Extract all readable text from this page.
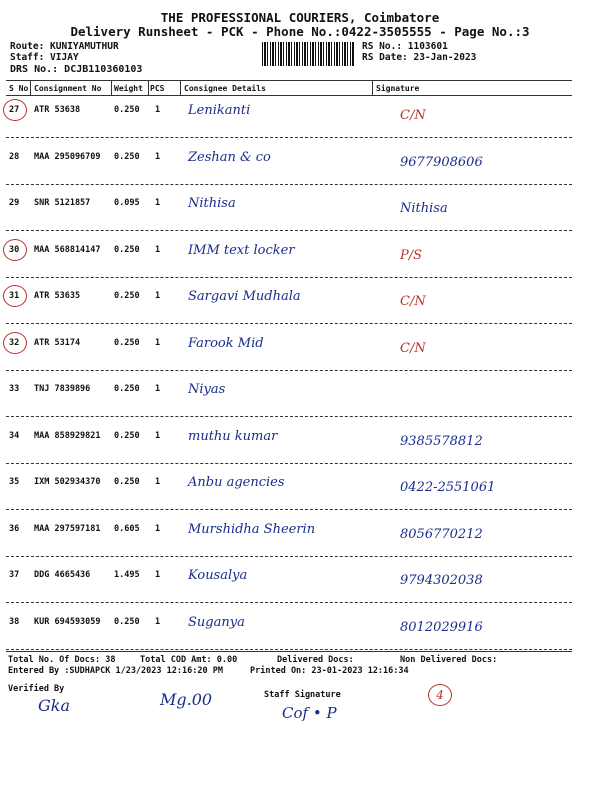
THE PROFESSIONAL COURIERS, Coimbatore
Delivery Runsheet - PCK - Phone No.:0422-3505555 - Page No.:3
Route: KUNIYAMUTHUR
Staff: VIJAY
DRS No.: DCJB110360103
RS No.: 1103601
RS Date: 23-Jan-2023
S No Consignment No Weight PCS Consignee Details	Signature
27 ATR 53638	0.250 1 Lenikanti	C/N
28 MAA 295096709 0.250 1 Zeshan & co	9677908606
29 SNR 5121857	0.095 1 Nithisa	Nithisa
30 MAA 568814147 0.250 1 IMM text locker	P/S
31 ATR 53635	0.250 1 Sargavi Mudhala	C/N
32 ATR 53174	0.250 1 Farook Mid	C/N
33 TNJ 7839896	0.250 1 Niyas
34 MAA 858929821 0.250 1 muthu kumar	9385578812
35 IXM 502934370 0.250 1 Anbu agencies	0422-2551061
36 MAA 297597181 0.605 1 Murshidha Sheerin	8056770212
37 DDG 4665436	1.495 1 Kousalya	9794302038
38 KUR 694593059 0.250 1 Suganya	8012029916
Total No. Of Docs: 38	Total COD Amt: 0.00	Delivered Docs:	Non Delivered Docs:
Entered By :SUDHAPCK 1/23/2023 12:16:20 PM	Printed On: 23-01-2023 12:16:34
Verified By
Staff Signature
Gka	Mg.00
Cof • P
4
